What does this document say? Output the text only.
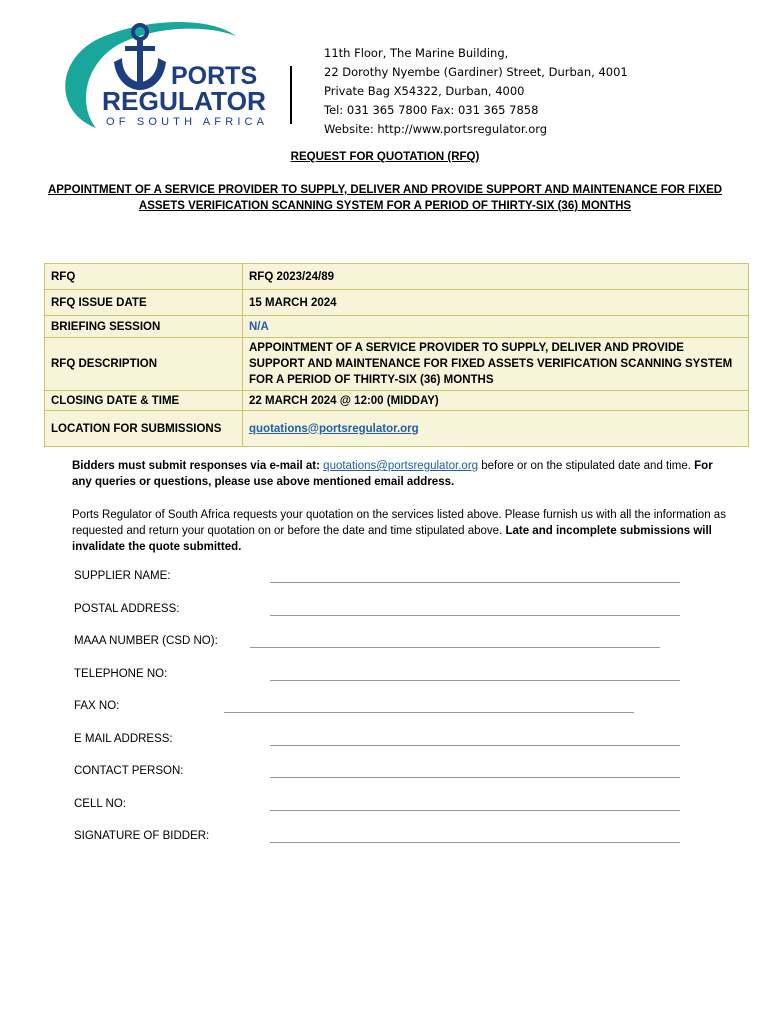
PORTS
REGULATOR
OF SOUTH AFRICA
11th Floor, The Marine Building,
22 Dorothy Nyembe (Gardiner) Street, Durban, 4001
Private Bag X54322, Durban, 4000
Tel: 031 365 7800 Fax: 031 365 7858
Website: http://www.portsregulator.org
REQUEST FOR QUOTATION (RFQ)
APPOINTMENT OF A SERVICE PROVIDER TO SUPPLY, DELIVER AND PROVIDE SUPPORT AND MAINTENANCE FOR FIXED ASSETS VERIFICATION SCANNING SYSTEM FOR A PERIOD OF THIRTY-SIX (36) MONTHS
RFQ	RFQ 2023/24/89
RFQ ISSUE DATE	15 MARCH 2024
BRIEFING SESSION	N/A
RFQ DESCRIPTION	APPOINTMENT OF A SERVICE PROVIDER TO SUPPLY, DELIVER AND PROVIDE SUPPORT AND MAINTENANCE FOR FIXED ASSETS VERIFICATION SCANNING SYSTEM FOR A PERIOD OF THIRTY-SIX (36) MONTHS
CLOSING DATE & TIME	22 MARCH 2024 @ 12:00 (MIDDAY)
LOCATION FOR SUBMISSIONS	quotations@portsregulator.org
Bidders must submit responses via e-mail at: quotations@portsregulator.org before or on the stipulated date and time. For any queries or questions, please use above mentioned email address.
Ports Regulator of South Africa requests your quotation on the services listed above. Please furnish us with all the information as requested and return your quotation on or before the date and time stipulated above. Late and incomplete submissions will invalidate the quote submitted.
SUPPLIER NAME:
POSTAL ADDRESS:
MAAA NUMBER (CSD NO):
TELEPHONE NO:
FAX NO:
E MAIL ADDRESS:
CONTACT PERSON:
CELL NO:
SIGNATURE OF BIDDER:
